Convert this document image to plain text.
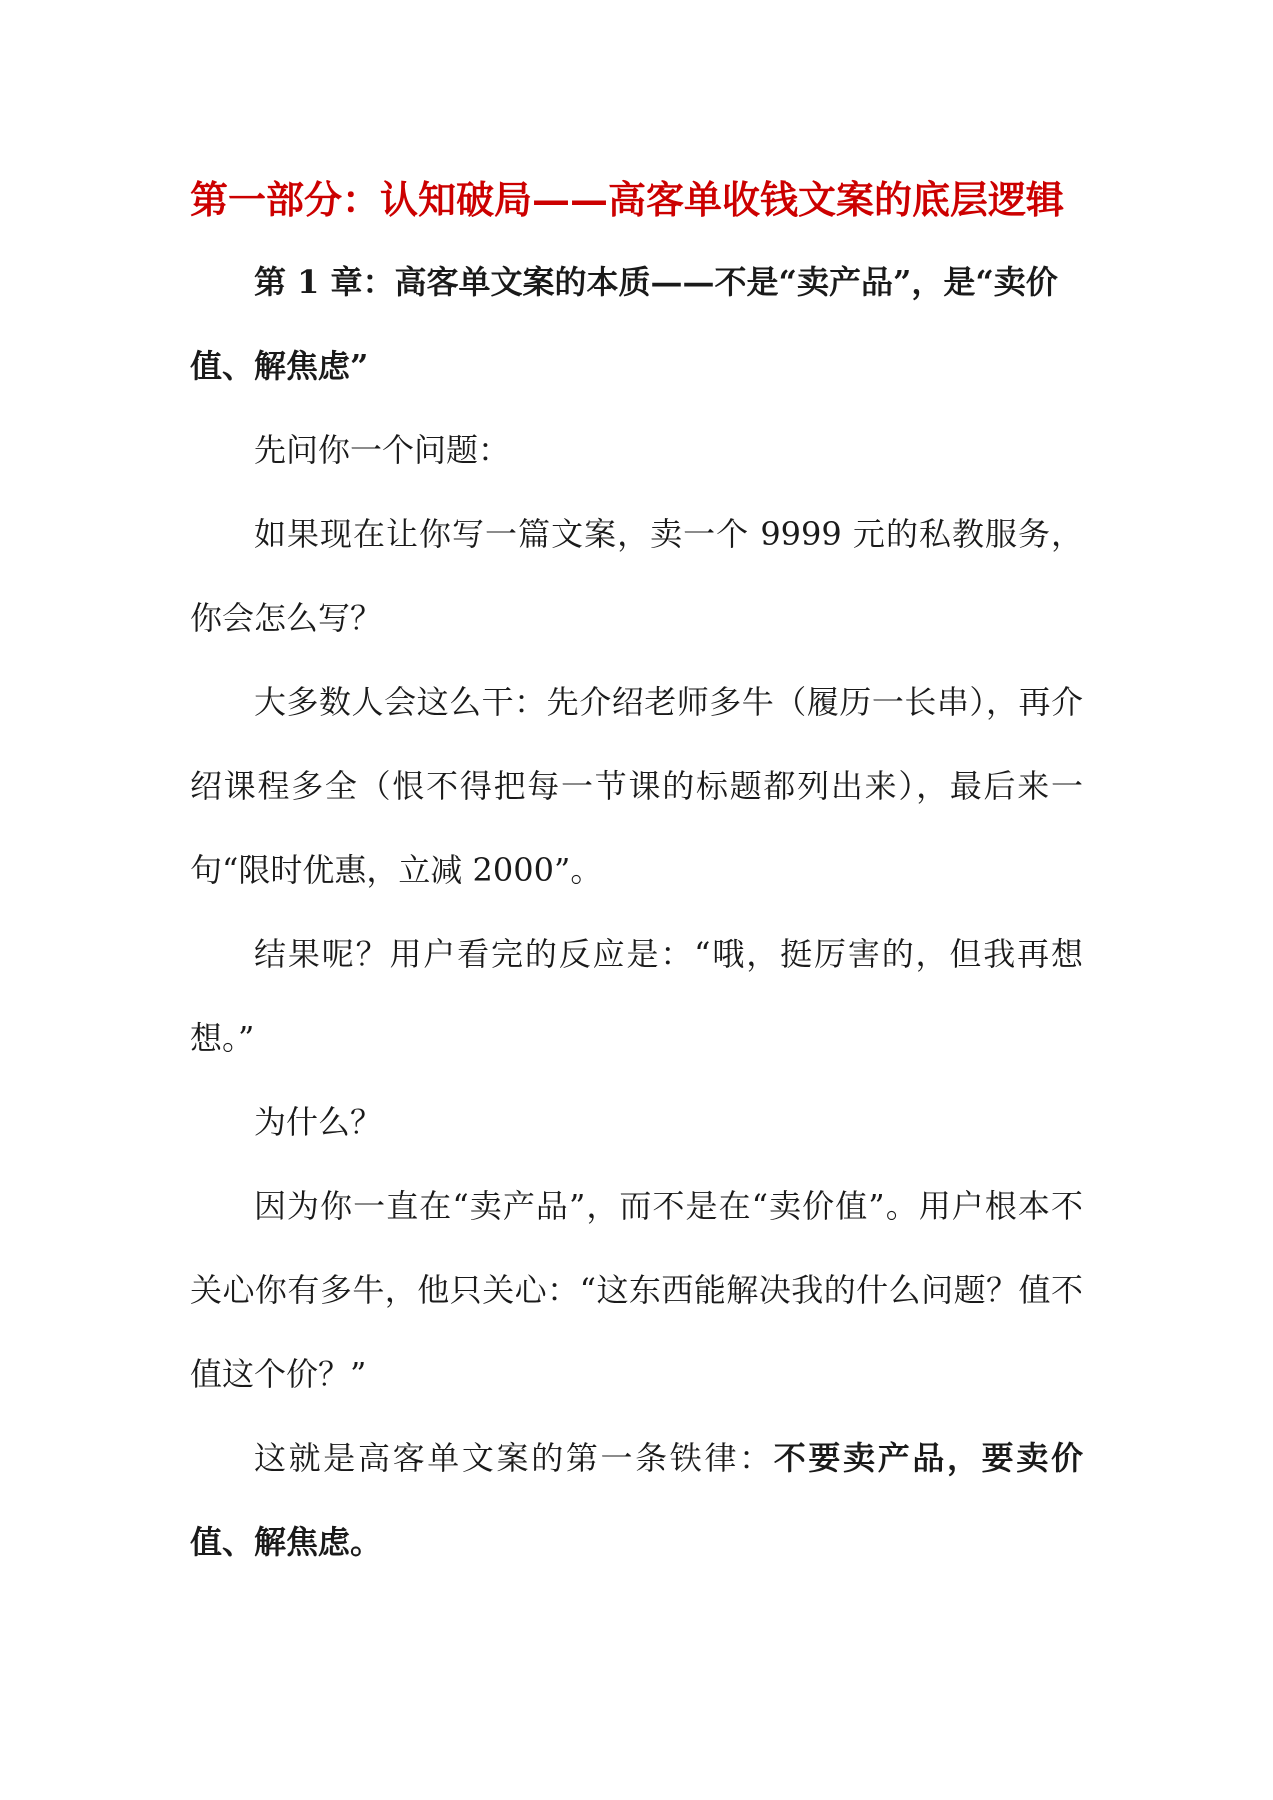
第一部分：认知破局——高客单收钱文案的底层逻辑
第 1 章：高客单文案的本质——不是“卖产品”，是“卖价值、解焦虑”

先问你一个问题：

如果现在让你写一篇文案，卖一个 9999 元的私教服务，你会怎么写？

大多数人会这么干：先介绍老师多牛（履历一长串），再介绍课程多全（恨不得把每一节课的标题都列出来），最后来一句“限时优惠，立减 2000”。

结果呢？用户看完的反应是：“哦，挺厉害的，但我再想想。”

为什么？

因为你一直在“卖产品”，而不是在“卖价值”。用户根本不关心你有多牛，他只关心：“这东西能解决我的什么问题？值不值这个价？”

这就是高客单文案的第一条铁律：不要卖产品，要卖价值、解焦虑。
